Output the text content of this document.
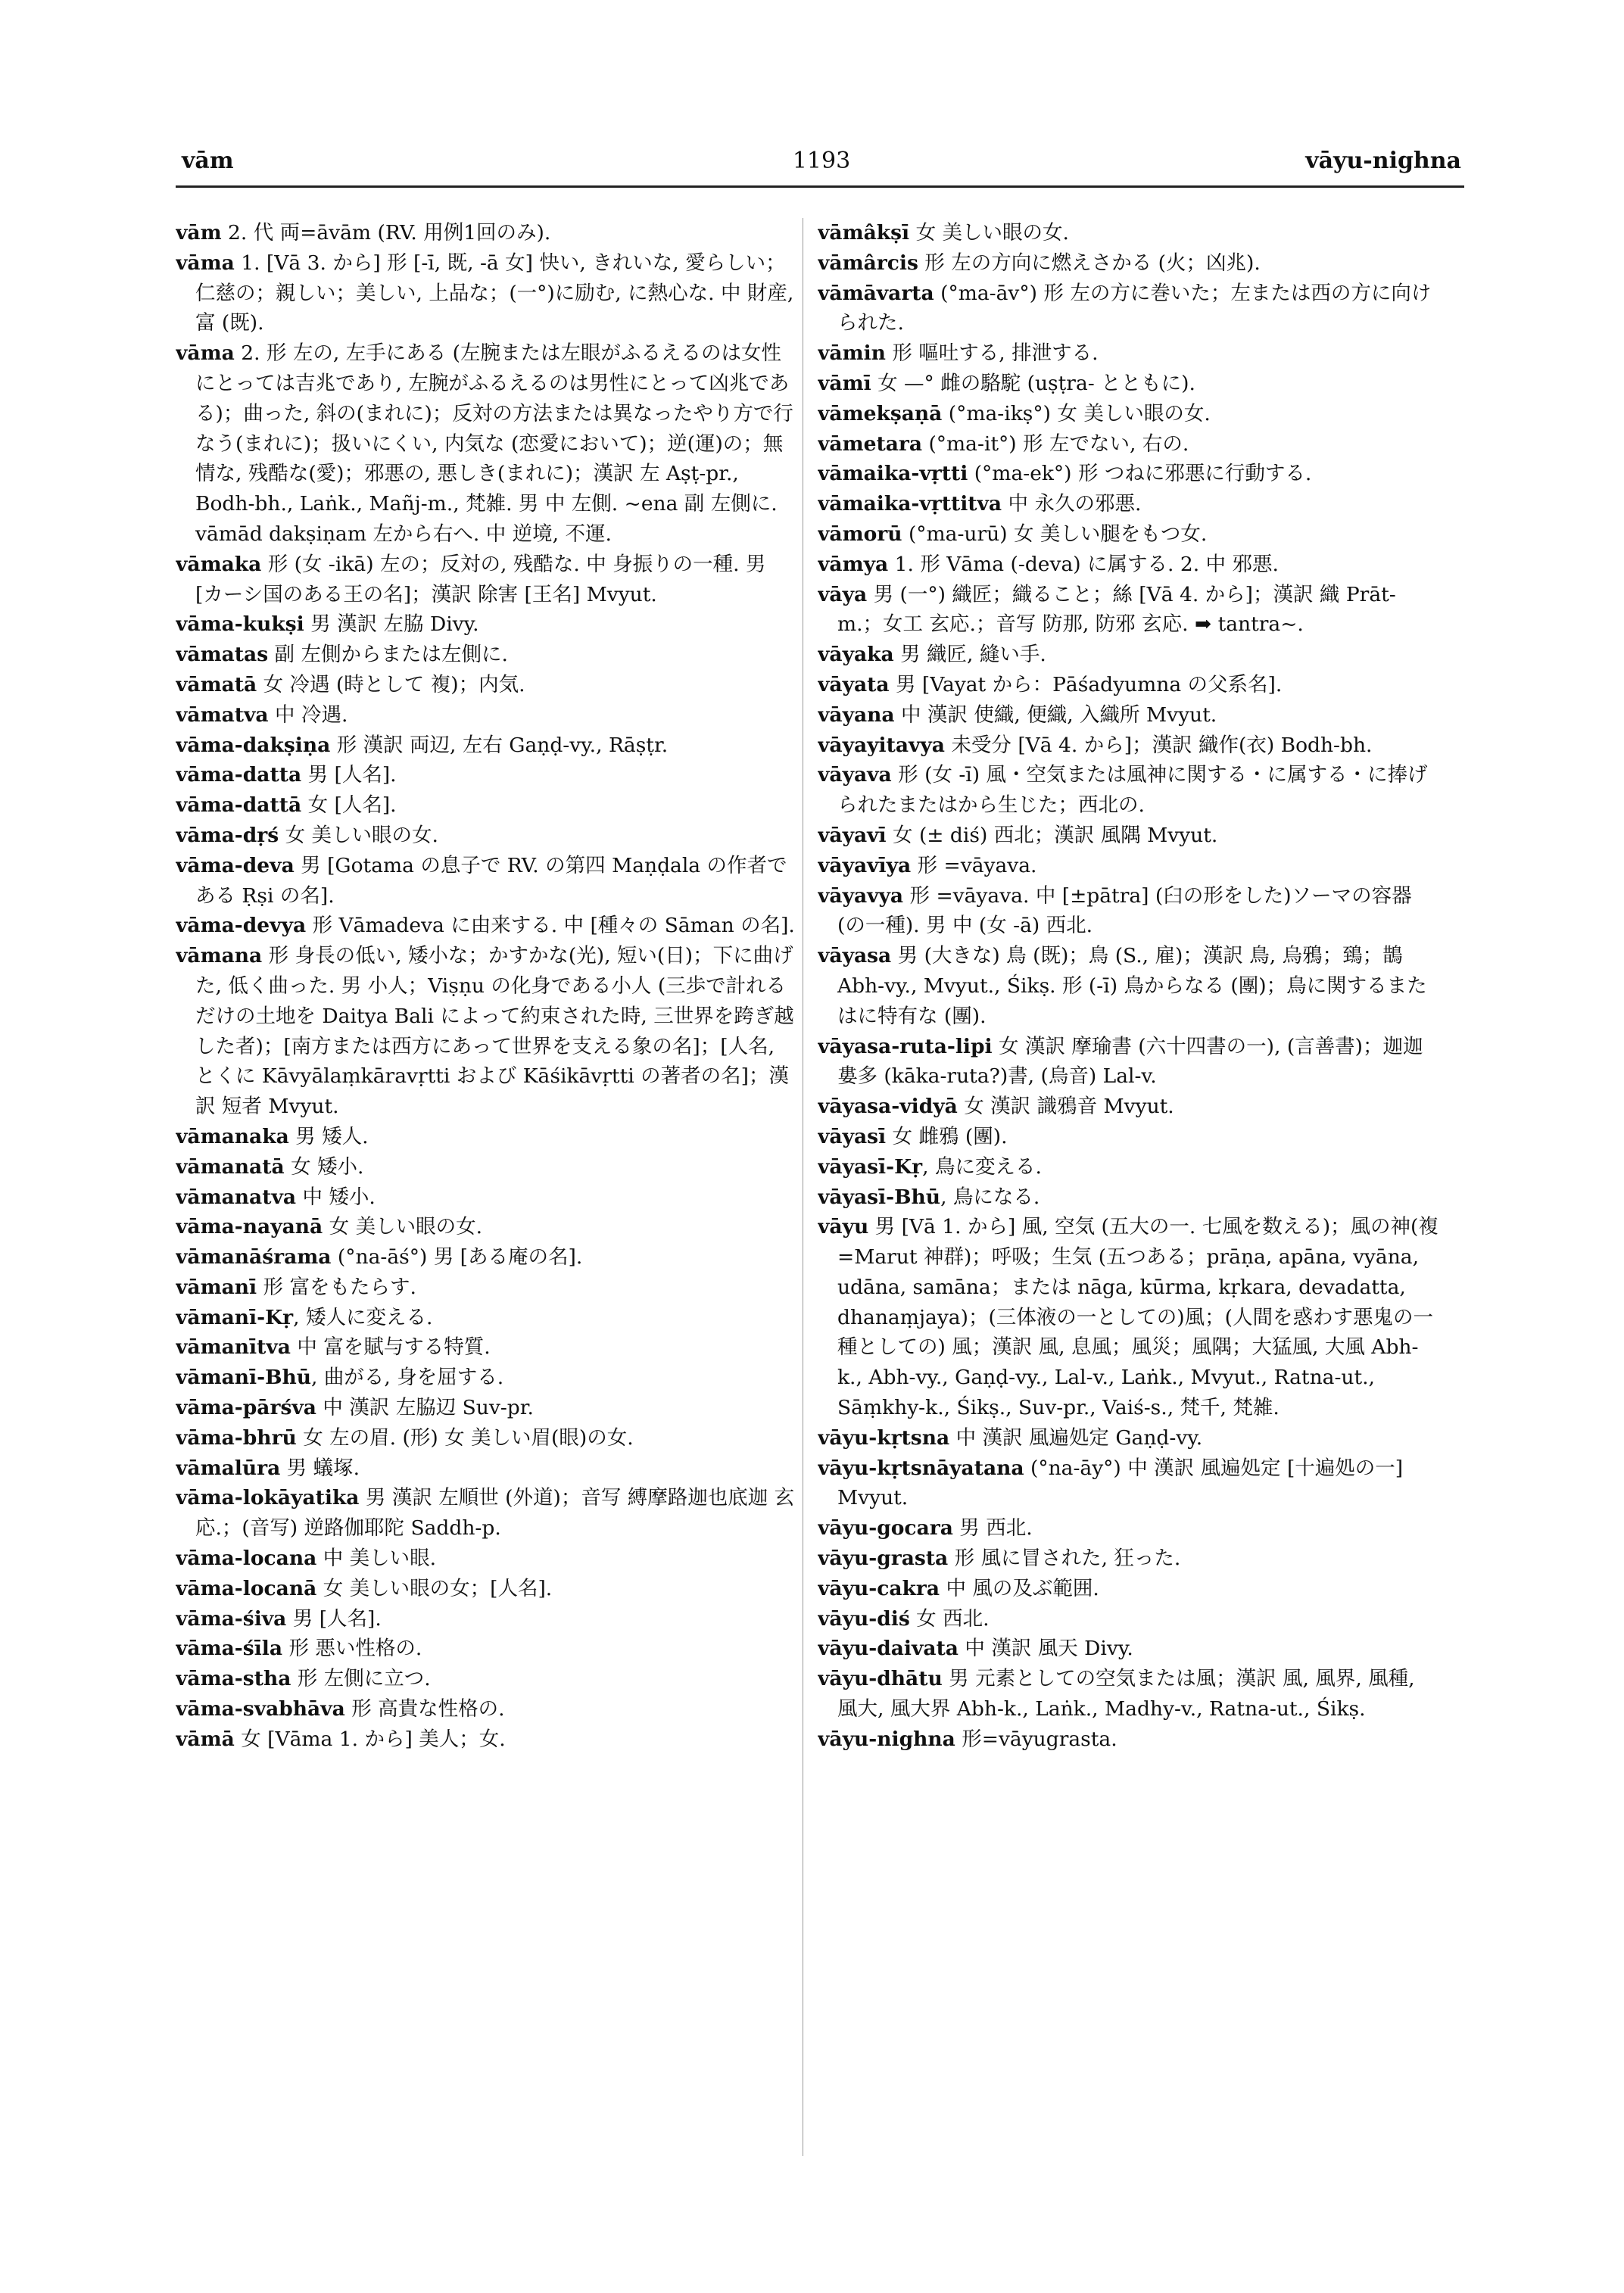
vām	1193	vāyu-nighna
vām 2. 代 両=āvām (RV. 用例1回のみ).
vāma 1. [Vā 3. から] 形 [-ī, 既, -ā 女] 快い, きれいな, 愛らしい；仁慈の；親しい；美しい, 上品な；(一°)に励む, に熱心な. 中 財産, 富 (既).
vāma 2. 形 左の, 左手にある (左腕または左眼がふるえるのは女性にとっては吉兆であり, 左腕がふるえるのは男性にとって凶兆である)；曲った, 斜の(まれに)；反対の方法または異なったやり方で行なう(まれに)；扱いにくい, 内気な (恋愛において)；逆(運)の；無情な, 残酷な(愛)；邪悪の, 悪しき(まれに)；漢訳 左 Aṣṭ-pr., Bodh-bh., Laṅk., Mañj-m., 梵雑. 男 中 左側. ~ena 副 左側に. vāmād dakṣiṇam 左から右へ. 中 逆境, 不運.
vāmaka 形 (女 -ikā) 左の；反対の, 残酷な. 中 身振りの一種. 男 [カーシ国のある王の名]；漢訳 除害 [王名] Mvyut.
vāma-kukṣi 男 漢訳 左脇 Divy.
vāmatas 副 左側からまたは左側に.
vāmatā 女 冷遇 (時として 複)；内気.
vāmatva 中 冷遇.
vāma-dakṣiṇa 形 漢訳 両辺, 左右 Gaṇḍ-vy., Rāṣṭr.
vāma-datta 男 [人名].
vāma-dattā 女 [人名].
vāma-dṛś 女 美しい眼の女.
vāma-deva 男 [Gotama の息子で RV. の第四 Maṇḍala の作者である Ṛṣi の名].
vāma-devya 形 Vāmadeva に由来する. 中 [種々の Sāman の名].
vāmana 形 身長の低い, 矮小な；かすかな(光), 短い(日)；下に曲げた, 低く曲った. 男 小人；Viṣṇu の化身である小人 (三歩で計れるだけの土地を Daitya Bali によって約束された時, 三世界を跨ぎ越した者)；[南方または西方にあって世界を支える象の名]；[人名, とくに Kāvyālaṃkāravṛtti および Kāśikāvṛtti の著者の名]；漢訳 短者 Mvyut.
vāmanaka 男 矮人.
vāmanatā 女 矮小.
vāmanatva 中 矮小.
vāma-nayanā 女 美しい眼の女.
vāmanāśrama (°na-āś°) 男 [ある庵の名].
vāmanī 形 富をもたらす.
vāmanī-Kṛ, 矮人に変える.
vāmanītva 中 富を賦与する特質.
vāmanī-Bhū, 曲がる, 身を屈する.
vāma-pārśva 中 漢訳 左脇辺 Suv-pr.
vāma-bhrū 女 左の眉. (形) 女 美しい眉(眼)の女.
vāmalūra 男 蟻塚.
vāma-lokāyatika 男 漢訳 左順世 (外道)；音写 縛摩路迦也底迦 玄応.；(音写) 逆路伽耶陀 Saddh-p.
vāma-locana 中 美しい眼.
vāma-locanā 女 美しい眼の女；[人名].
vāma-śiva 男 [人名].
vāma-śīla 形 悪い性格の.
vāma-stha 形 左側に立つ.
vāma-svabhāva 形 高貴な性格の.
vāmā 女 [Vāma 1. から] 美人；女.
vāmâkṣī 女 美しい眼の女.
vāmârcis 形 左の方向に燃えさかる (火；凶兆).
vāmāvarta (°ma-āv°) 形 左の方に巻いた；左または西の方に向けられた.
vāmin 形 嘔吐する, 排泄する.
vāmī 女 —° 雌の駱駝 (uṣṭra- とともに).
vāmekṣaṇā (°ma-ikṣ°) 女 美しい眼の女.
vāmetara (°ma-it°) 形 左でない, 右の.
vāmaika-vṛtti (°ma-ek°) 形 つねに邪悪に行動する.
vāmaika-vṛttitva 中 永久の邪悪.
vāmorū (°ma-urū) 女 美しい腿をもつ女.
vāmya 1. 形 Vāma (-deva) に属する. 2. 中 邪悪.
vāya 男 (一°) 織匠；織ること；絲 [Vā 4. から]；漢訳 織 Prāt-m.；女工 玄応.；音写 防那, 防邪 玄応. ➡ tantra~.
vāyaka 男 織匠, 縫い手.
vāyata 男 [Vayat から：Pāśadyumna の父系名].
vāyana 中 漢訳 使織, 便織, 入織所 Mvyut.
vāyayitavya 未受分 [Vā 4. から]；漢訳 織作(衣) Bodh-bh.
vāyava 形 (女 -ī) 風・空気または風神に関する・に属する・に捧げられたまたはから生じた；西北の.
vāyavī 女 (± diś) 西北；漢訳 風隅 Mvyut.
vāyavīya 形 =vāyava.
vāyavya 形 =vāyava. 中 [±pātra] (臼の形をした)ソーマの容器(の一種). 男 中 (女 -ā) 西北.
vāyasa 男 (大きな) 鳥 (既)；鳥 (S., 雇)；漢訳 鳥, 烏鴉；鵄；鵲 Abh-vy., Mvyut., Śikṣ. 形 (-ī) 鳥からなる (團)；鳥に関するまたはに特有な (團).
vāyasa-ruta-lipi 女 漢訳 摩瑜書 (六十四書の一), (言善書)；迦迦婁多 (kāka-ruta?)書, (烏音) Lal-v.
vāyasa-vidyā 女 漢訳 識鴉音 Mvyut.
vāyasī 女 雌鴉 (團).
vāyasī-Kṛ, 鳥に変える.
vāyasī-Bhū, 鳥になる.
vāyu 男 [Vā 1. から] 風, 空気 (五大の一. 七風を数える)；風の神(複=Marut 神群)；呼吸；生気 (五つある；prāṇa, apāna, vyāna, udāna, samāna；または nāga, kūrma, kṛkara, devadatta, dhanaṃjaya)；(三体液の一としての)風；(人間を惑わす悪鬼の一種としての) 風；漢訳 風, 息風；風災；風隅；大猛風, 大風 Abh-k., Abh-vy., Gaṇḍ-vy., Lal-v., Laṅk., Mvyut., Ratna-ut., Sāṃkhy-k., Śikṣ., Suv-pr., Vaiś-s., 梵千, 梵雑.
vāyu-kṛtsna 中 漢訳 風遍処定 Gaṇḍ-vy.
vāyu-kṛtsnāyatana (°na-āy°) 中 漢訳 風遍処定 [十遍処の一] Mvyut.
vāyu-gocara 男 西北.
vāyu-grasta 形 風に冒された, 狂った.
vāyu-cakra 中 風の及ぶ範囲.
vāyu-diś 女 西北.
vāyu-daivata 中 漢訳 風天 Divy.
vāyu-dhātu 男 元素としての空気または風；漢訳 風, 風界, 風種, 風大, 風大界 Abh-k., Laṅk., Madhy-v., Ratna-ut., Śikṣ.
vāyu-nighna 形=vāyugrasta.
